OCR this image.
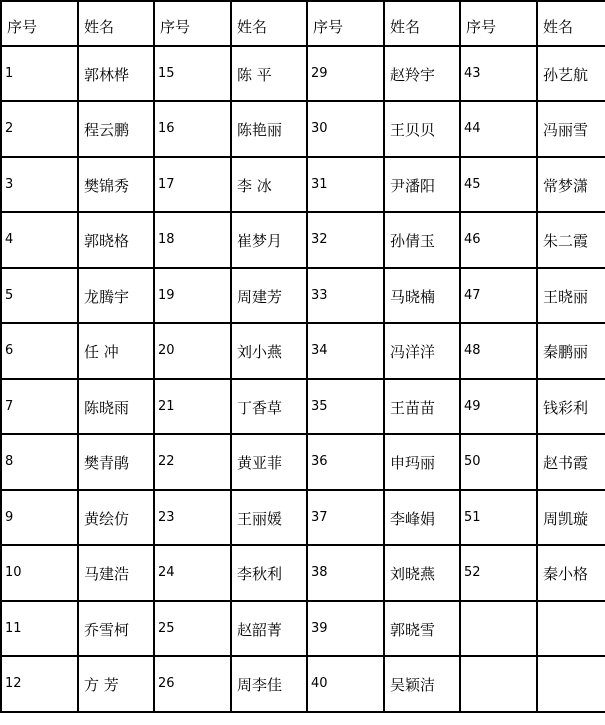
序号	姓名	序号	姓名	序号	姓名	序号	姓名
1	郭林桦	15	陈 平	29	赵羚宇	43	孙艺航
2	程云鹏	16	陈艳丽	30	王贝贝	44	冯丽雪
3	樊锦秀	17	李 冰	31	尹潘阳	45	常梦潇
4	郭晓格	18	崔梦月	32	孙倩玉	46	朱二霞
5	龙腾宇	19	周建芳	33	马晓楠	47	王晓丽
6	任 冲	20	刘小燕	34	冯洋洋	48	秦鹏丽
7	陈晓雨	21	丁香草	35	王苗苗	49	钱彩利
8	樊青鹃	22	黄亚菲	36	申玛丽	50	赵书霞
9	黄绘仿	23	王丽媛	37	李峰娟	51	周凯璇
10	马建浩	24	李秋利	38	刘晓燕	52	秦小格
11	乔雪柯	25	赵韶菁	39	郭晓雪		
12	方 芳	26	周李佳	40	吴颖洁		
